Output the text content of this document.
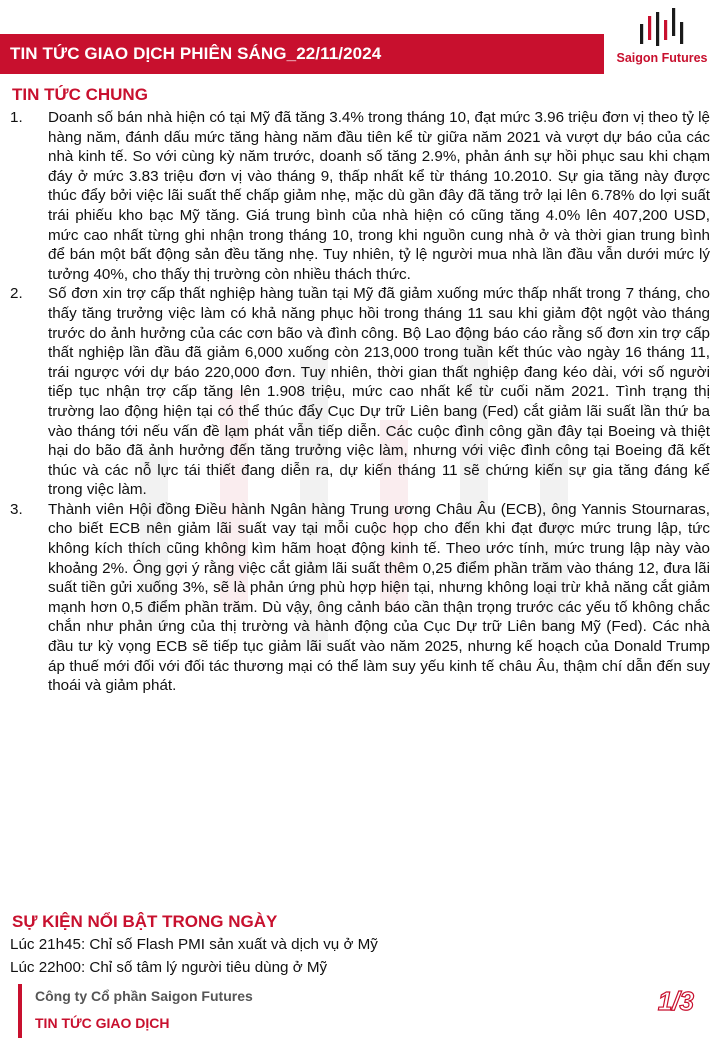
TIN TỨC GIAO DỊCH PHIÊN SÁNG_22/11/2024	Saigon Futures
TIN TỨC CHUNG
1. Doanh số bán nhà hiện có tại Mỹ đã tăng 3.4% trong tháng 10, đạt mức 3.96 triệu đơn vị theo tỷ lệ hàng năm, đánh dấu mức tăng hàng năm đầu tiên kể từ giữa năm 2021 và vượt dự báo của các nhà kinh tế. So với cùng kỳ năm trước, doanh số tăng 2.9%, phản ánh sự hồi phục sau khi chạm đáy ở mức 3.83 triệu đơn vị vào tháng 9, thấp nhất kể từ tháng 10.2010. Sự gia tăng này được thúc đẩy bởi việc lãi suất thế chấp giảm nhẹ, mặc dù gần đây đã tăng trở lại lên 6.78% do lợi suất trái phiếu kho bạc Mỹ tăng. Giá trung bình của nhà hiện có cũng tăng 4.0% lên 407,200 USD, mức cao nhất từng ghi nhận trong tháng 10, trong khi nguồn cung nhà ở và thời gian trung bình để bán một bất động sản đều tăng nhẹ. Tuy nhiên, tỷ lệ người mua nhà lần đầu vẫn dưới mức lý tưởng 40%, cho thấy thị trường còn nhiều thách thức.
2. Số đơn xin trợ cấp thất nghiệp hàng tuần tại Mỹ đã giảm xuống mức thấp nhất trong 7 tháng, cho thấy tăng trưởng việc làm có khả năng phục hồi trong tháng 11 sau khi giảm đột ngột vào tháng trước do ảnh hưởng của các cơn bão và đình công. Bộ Lao động báo cáo rằng số đơn xin trợ cấp thất nghiệp lần đầu đã giảm 6,000 xuống còn 213,000 trong tuần kết thúc vào ngày 16 tháng 11, trái ngược với dự báo 220,000 đơn. Tuy nhiên, thời gian thất nghiệp đang kéo dài, với số người tiếp tục nhận trợ cấp tăng lên 1.908 triệu, mức cao nhất kể từ cuối năm 2021. Tình trạng thị trường lao động hiện tại có thể thúc đẩy Cục Dự trữ Liên bang (Fed) cắt giảm lãi suất lần thứ ba vào tháng tới nếu vấn đề lạm phát vẫn tiếp diễn. Các cuộc đình công gần đây tại Boeing và thiệt hại do bão đã ảnh hưởng đến tăng trưởng việc làm, nhưng với việc đình công tại Boeing đã kết thúc và các nỗ lực tái thiết đang diễn ra, dự kiến tháng 11 sẽ chứng kiến sự gia tăng đáng kể trong việc làm.
3. Thành viên Hội đồng Điều hành Ngân hàng Trung ương Châu Âu (ECB), ông Yannis Stournaras, cho biết ECB nên giảm lãi suất vay tại mỗi cuộc họp cho đến khi đạt được mức trung lập, tức không kích thích cũng không kìm hãm hoạt động kinh tế. Theo ước tính, mức trung lập này vào khoảng 2%. Ông gợi ý rằng việc cắt giảm lãi suất thêm 0,25 điểm phần trăm vào tháng 12, đưa lãi suất tiền gửi xuống 3%, sẽ là phản ứng phù hợp hiện tại, nhưng không loại trừ khả năng cắt giảm mạnh hơn 0,5 điểm phần trăm. Dù vậy, ông cảnh báo cần thận trọng trước các yếu tố không chắc chắn như phản ứng của thị trường và hành động của Cục Dự trữ Liên bang Mỹ (Fed). Các nhà đầu tư kỳ vọng ECB sẽ tiếp tục giảm lãi suất vào năm 2025, nhưng kế hoạch của Donald Trump áp thuế mới đối với đối tác thương mại có thể làm suy yếu kinh tế châu Âu, thậm chí dẫn đến suy thoái và giảm phát.
SỰ KIỆN NỔI BẬT TRONG NGÀY
Lúc 21h45: Chỉ số Flash PMI sản xuất và dịch vụ ở Mỹ
Lúc 22h00: Chỉ số tâm lý người tiêu dùng ở Mỹ
Công ty Cổ phần Saigon Futures
TIN TỨC GIAO DỊCH
1/3
